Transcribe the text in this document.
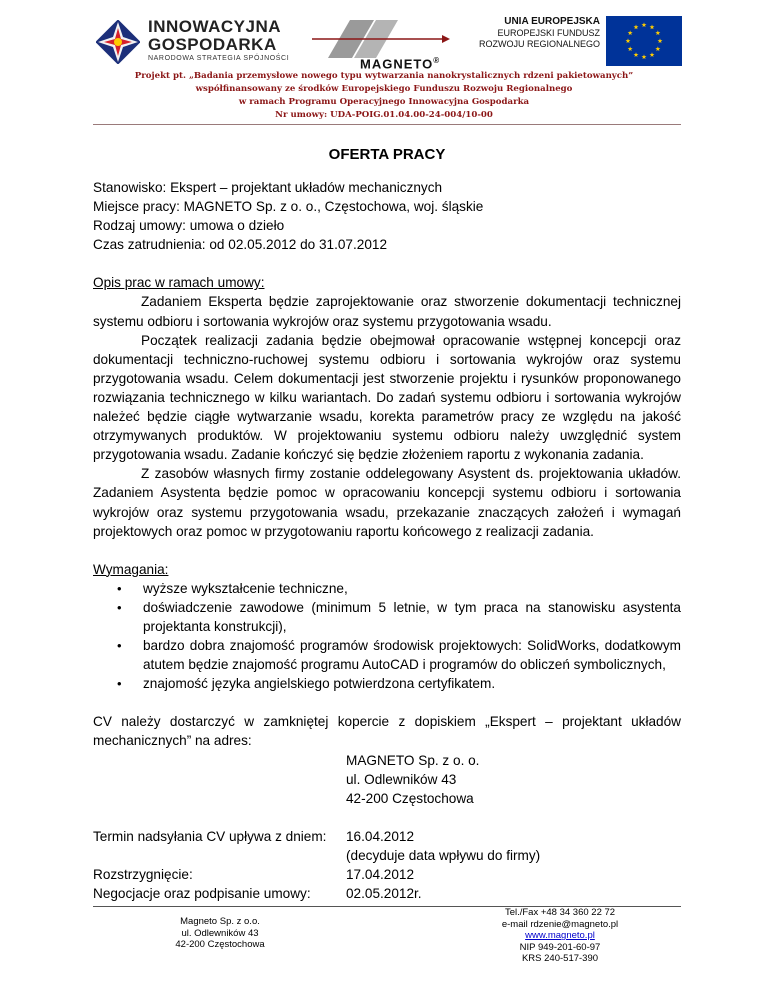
INNOWACYJNA
GOSPODARKA
NARODOWA STRATEGIA SPÓJNOŚCI	MAGNETO®
UNIA EUROPEJSKA
EUROPEJSKI FUNDUSZ
ROZWOJU REGIONALNEGO
Projekt pt. „Badania przemysłowe nowego typu wytwarzania nanokrystalicznych rdzeni pakietowanych”
współfinansowany ze środków Europejskiego Funduszu Rozwoju Regionalnego
w ramach Programu Operacyjnego Innowacyjna Gospodarka
Nr umowy: UDA-POIG.01.04.00-24-004/10-00
OFERTA PRACY

Stanowisko: Ekspert – projektant układów mechanicznych

Miejsce pracy: MAGNETO Sp. z o. o., Częstochowa, woj. śląskie

Rodzaj umowy: umowa o dzieło

Czas zatrudnienia: od 02.05.2012 do 31.07.2012

Opis prac w ramach umowy:

Zadaniem Eksperta będzie zaprojektowanie oraz stworzenie dokumentacji technicznej systemu odbioru i sortowania wykrojów oraz systemu przygotowania wsadu.

Początek realizacji zadania będzie obejmował opracowanie wstępnej koncepcji oraz dokumentacji techniczno-ruchowej systemu odbioru i sortowania wykrojów oraz systemu przygotowania wsadu. Celem dokumentacji jest stworzenie projektu i rysunków proponowanego rozwiązania technicznego w kilku wariantach. Do zadań systemu odbioru i sortowania wykrojów należeć będzie ciągłe wytwarzanie wsadu, korekta parametrów pracy ze względu na jakość otrzymywanych produktów. W projektowaniu systemu odbioru należy uwzględnić system przygotowania wsadu. Zadanie kończyć się będzie złożeniem raportu z wykonania zadania.

Z zasobów własnych firmy zostanie oddelegowany Asystent ds. projektowania układów. Zadaniem Asystenta będzie pomoc w opracowaniu koncepcji systemu odbioru i sortowania wykrojów oraz systemu przygotowania wsadu, przekazanie znaczących założeń i wymagań projektowych oraz pomoc w przygotowaniu raportu końcowego z realizacji zadania.

Wymagania:

• wyższe wykształcenie techniczne,
• doświadczenie zawodowe (minimum 5 letnie, w tym praca na stanowisku asystenta projektanta konstrukcji),
• bardzo dobra znajomość programów środowisk projektowych: SolidWorks, dodatkowym atutem będzie znajomość programu AutoCAD i programów do obliczeń symbolicznych,
• znajomość języka angielskiego potwierdzona certyfikatem.

CV należy dostarczyć w zamkniętej kopercie z dopiskiem „Ekspert – projektant układów mechanicznych” na adres:

MAGNETO Sp. z o. o.
ul. Odlewników 43
42-200 Częstochowa
Termin nadsyłania CV upływa z dniem: 16.04.2012
(decyduje data wpływu do firmy)
Rozstrzygnięcie:	17.04.2012
Negocjacje oraz podpisanie umowy:	02.05.2012r.
Magneto Sp. z o.o.
ul. Odlewników 43
42-200 Częstochowa
Tel./Fax +48 34 360 22 72
e-mail rdzenie@magneto.pl
www.magneto.pl
NIP 949-201-60-97
KRS 240-517-390
